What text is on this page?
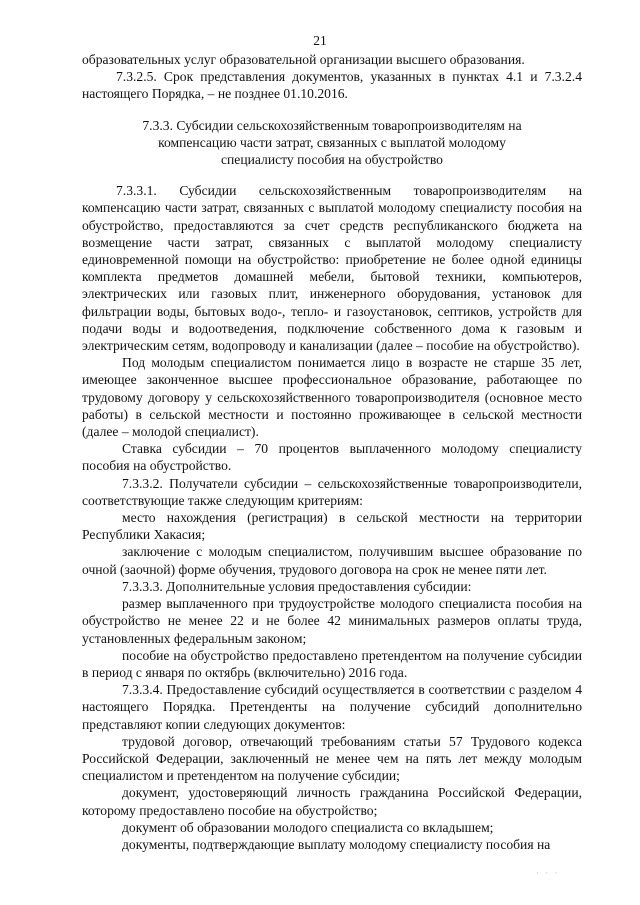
21

образовательных услуг образовательной организации высшего образования.

7.3.2.5. Срок представления документов, указанных в пунктах 4.1 и 7.3.2.4 настоящего Порядка, – не позднее 01.10.2016.

7.3.3. Субсидии сельскохозяйственным товаропроизводителям на компенсацию части затрат, связанных с выплатой молодому специалисту пособия на обустройство

7.3.3.1. Субсидии сельскохозяйственным товаропроизводителям на компенсацию части затрат, связанных с выплатой молодому специалисту пособия на обустройство, предоставляются за счет средств республиканского бюджета на возмещение части затрат, связанных с выплатой молодому специалисту единовременной помощи на обустройство: приобретение не более одной единицы комплекта предметов домашней мебели, бытовой техники, компьютеров, электрических или газовых плит, инженерного оборудования, установок для фильтрации воды, бытовых водо-, тепло- и газоустановок, септиков, устройств для подачи воды и водоотведения, подключение собственного дома к газовым и электрическим сетям, водопроводу и канализации (далее – пособие на обустройство).

Под молодым специалистом понимается лицо в возрасте не старше 35 лет, имеющее законченное высшее профессиональное образование, работающее по трудовому договору у сельскохозяйственного товаропроизводителя (основное место работы) в сельской местности и постоянно проживающее в сельской местности (далее – молодой специалист).

Ставка субсидии – 70 процентов выплаченного молодому специалисту пособия на обустройство.

7.3.3.2. Получатели субсидии – сельскохозяйственные товаропроизводители, соответствующие также следующим критериям:

место нахождения (регистрация) в сельской местности на территории Республики Хакасия;

заключение с молодым специалистом, получившим высшее образование по очной (заочной) форме обучения, трудового договора на срок не менее пяти лет.

7.3.3.3. Дополнительные условия предоставления субсидии:

размер выплаченного при трудоустройстве молодого специалиста пособия на обустройство не менее 22 и не более 42 минимальных размеров оплаты труда, установленных федеральным законом;

пособие на обустройство предоставлено претендентом на получение субсидии в период с января по октябрь (включительно) 2016 года.

7.3.3.4. Предоставление субсидий осуществляется в соответствии с разделом 4 настоящего Порядка. Претенденты на получение субсидий дополнительно представляют копии следующих документов:

трудовой договор, отвечающий требованиям статьи 57 Трудового кодекса Российской Федерации, заключенный не менее чем на пять лет между молодым специалистом и претендентом на получение субсидии;

документ, удостоверяющий личность гражданина Российской Федерации, которому предоставлено пособие на обустройство;

документ об образовании молодого специалиста со вкладышем;

документы, подтверждающие выплату молодому специалисту пособия на

· · ·
